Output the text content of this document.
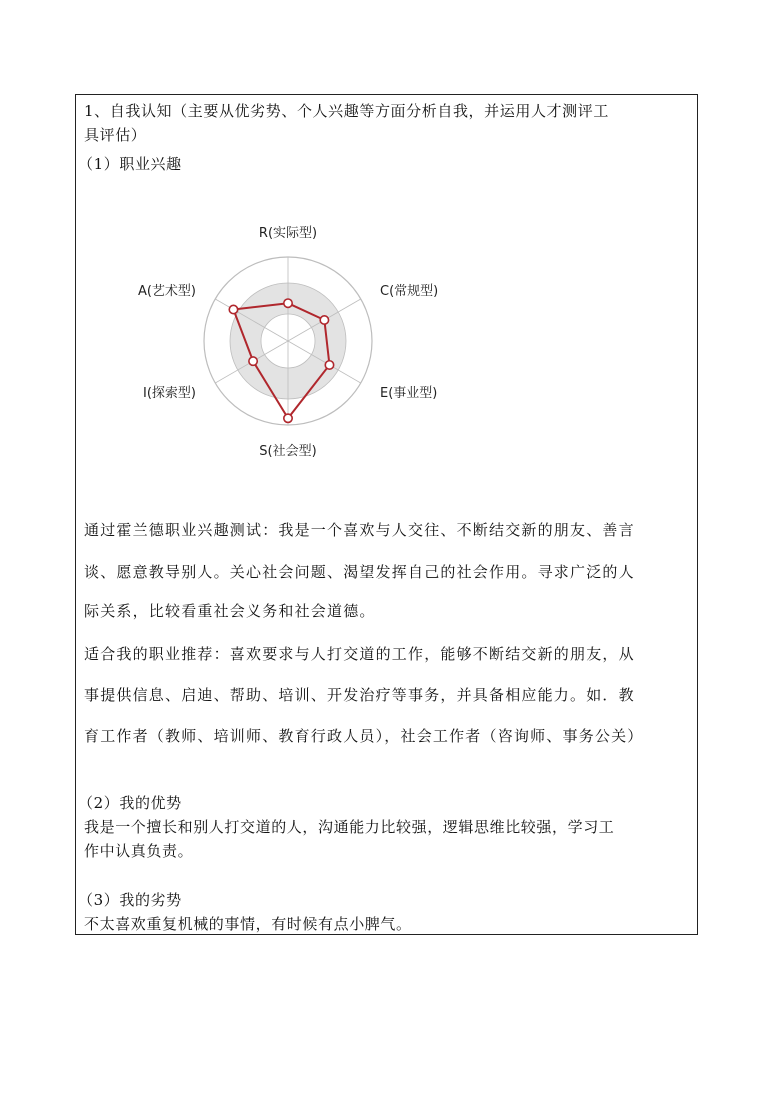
1、自我认知（主要从优劣势、个人兴趣等方面分析自我，并运用人才测评工
具评估）
（1）职业兴趣
R(实际型)
C(常规型)
E(事业型)
S(社会型)
I(探索型)
A(艺术型)
通过霍兰德职业兴趣测试：我是一个喜欢与人交往、不断结交新的朋友、善言
谈、愿意教导别人。关心社会问题、渴望发挥自己的社会作用。寻求广泛的人
际关系，比较看重社会义务和社会道德。
适合我的职业推荐：喜欢要求与人打交道的工作，能够不断结交新的朋友，从
事提供信息、启迪、帮助、培训、开发治疗等事务，并具备相应能力。如．教
育工作者（教师、培训师、教育行政人员），社会工作者（咨询师、事务公关）
（2）我的优势
我是一个擅长和别人打交道的人，沟通能力比较强，逻辑思维比较强，学习工
作中认真负责。
（3）我的劣势
不太喜欢重复机械的事情，有时候有点小脾气。
